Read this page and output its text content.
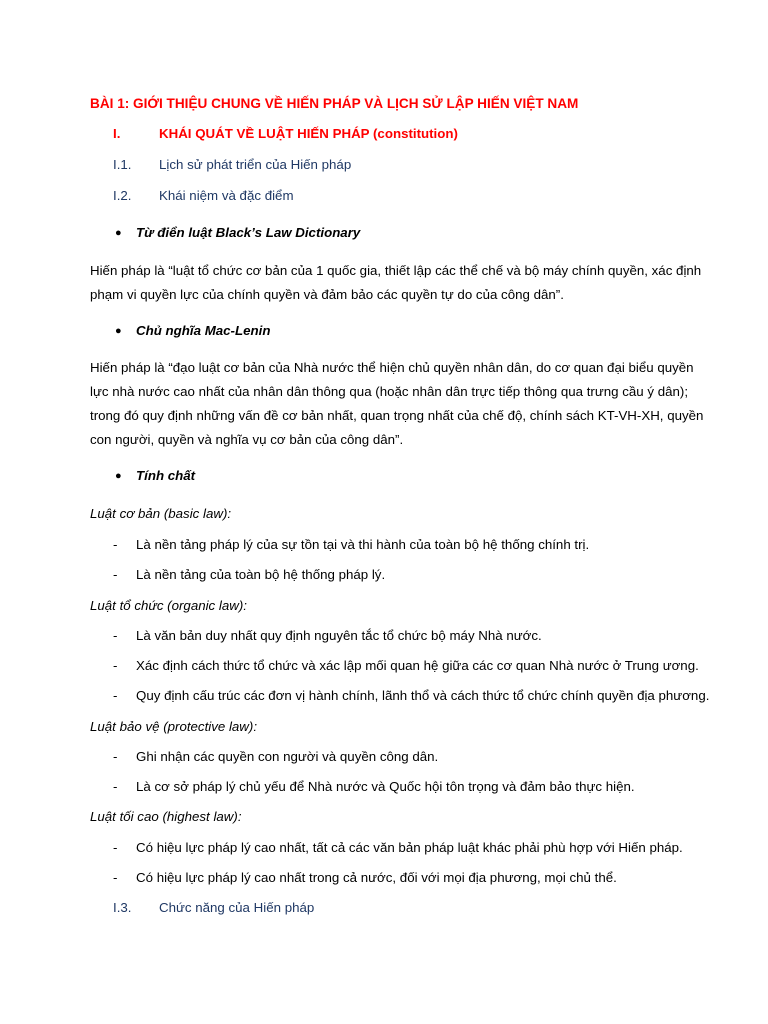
BÀI 1: GIỚI THIỆU CHUNG VỀ HIẾN PHÁP VÀ LỊCH SỬ LẬP HIẾN VIỆT NAM
I.	KHÁI QUÁT VỀ LUẬT HIẾN PHÁP (constitution)
I.1. Lịch sử phát triển của Hiến pháp
I.2. Khái niệm và đặc điểm
● Từ điển luật Black’s Law Dictionary
Hiến pháp là “luật tổ chức cơ bản của 1 quốc gia, thiết lập các thể chế và bộ máy chính quyền, xác định
phạm vi quyền lực của chính quyền và đảm bảo các quyền tự do của công dân”.
● Chủ nghĩa Mac-Lenin
Hiến pháp là “đạo luật cơ bản của Nhà nước thể hiện chủ quyền nhân dân, do cơ quan đại biểu quyền
lực nhà nước cao nhất của nhân dân thông qua (hoặc nhân dân trực tiếp thông qua trưng cầu ý dân);
trong đó quy định những vấn đề cơ bản nhất, quan trọng nhất của chế độ, chính sách KT-VH-XH, quyền
con người, quyền và nghĩa vụ cơ bản của công dân”.
● Tính chất
Luật cơ bản (basic law):
- Là nền tảng pháp lý của sự tồn tại và thi hành của toàn bộ hệ thống chính trị.
- Là nền tảng của toàn bộ hệ thống pháp lý.
Luật tổ chức (organic law):
- Là văn bản duy nhất quy định nguyên tắc tổ chức bộ máy Nhà nước.
- Xác định cách thức tổ chức và xác lập mối quan hệ giữa các cơ quan Nhà nước ở Trung ương.
- Quy định cấu trúc các đơn vị hành chính, lãnh thổ và cách thức tổ chức chính quyền địa phương.
Luật bảo vệ (protective law):
- Ghi nhận các quyền con người và quyền công dân.
- Là cơ sở pháp lý chủ yếu để Nhà nước và Quốc hội tôn trọng và đảm bảo thực hiện.
Luật tối cao (highest law):
- Có hiệu lực pháp lý cao nhất, tất cả các văn bản pháp luật khác phải phù hợp với Hiến pháp.
- Có hiệu lực pháp lý cao nhất trong cả nước, đối với mọi địa phương, mọi chủ thể.
I.3. Chức năng của Hiến pháp
